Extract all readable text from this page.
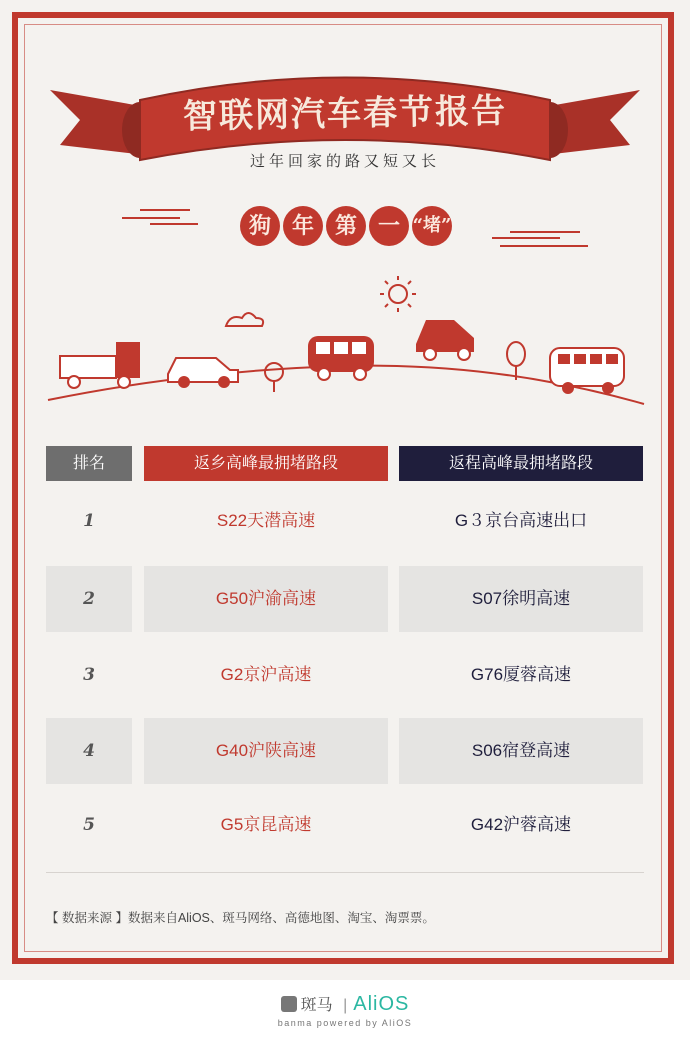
智联网汽车春节报告
过年回家的路又短又长
狗 年 第 一 “堵”
排名	返乡高峰最拥堵路段	返程高峰最拥堵路段
1	S22天潜高速	G３京台高速出口
2	G50沪渝高速	S07徐明高速
3	G2京沪高速	G76厦蓉高速
4	G40沪陕高速	S06宿登高速
5	G5京昆高速	G42沪蓉高速
【 数据来源 】数据来自AliOS、斑马网络、高德地图、淘宝、淘票票。
斑马 | AliOS
banma powered by AliOS
